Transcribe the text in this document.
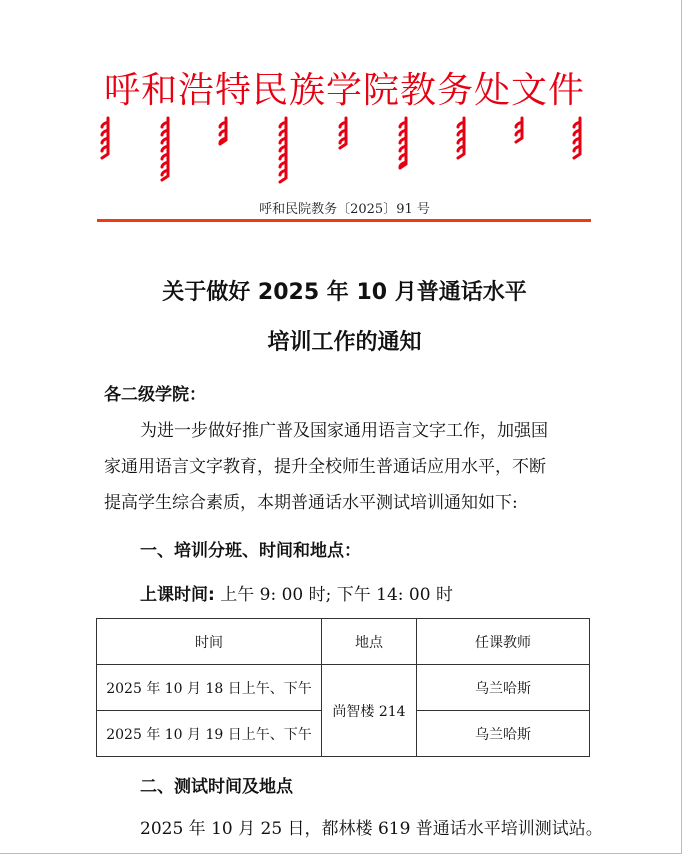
呼和浩特民族学院教务处文件
呼和民院教务〔2025〕91 号
关于做好 2025 年 10 月普通话水平
培训工作的通知
各二级学院：
为进一步做好推广普及国家通用语言文字工作，加强国
家通用语言文字教育，提升全校师生普通话应用水平，不断
提高学生综合素质，本期普通话水平测试培训通知如下:
一、培训分班、时间和地点：
上课时间: 上午 9: 00 时; 下午 14: 00 时
时间	地点	任课教师
2025 年 10 月 18 日上午、下午	尚智楼 214	乌兰哈斯
2025 年 10 月 19 日上午、下午		乌兰哈斯
二、测试时间及地点
2025 年 10 月 25 日，都林楼 619 普通话水平培训测试站。
